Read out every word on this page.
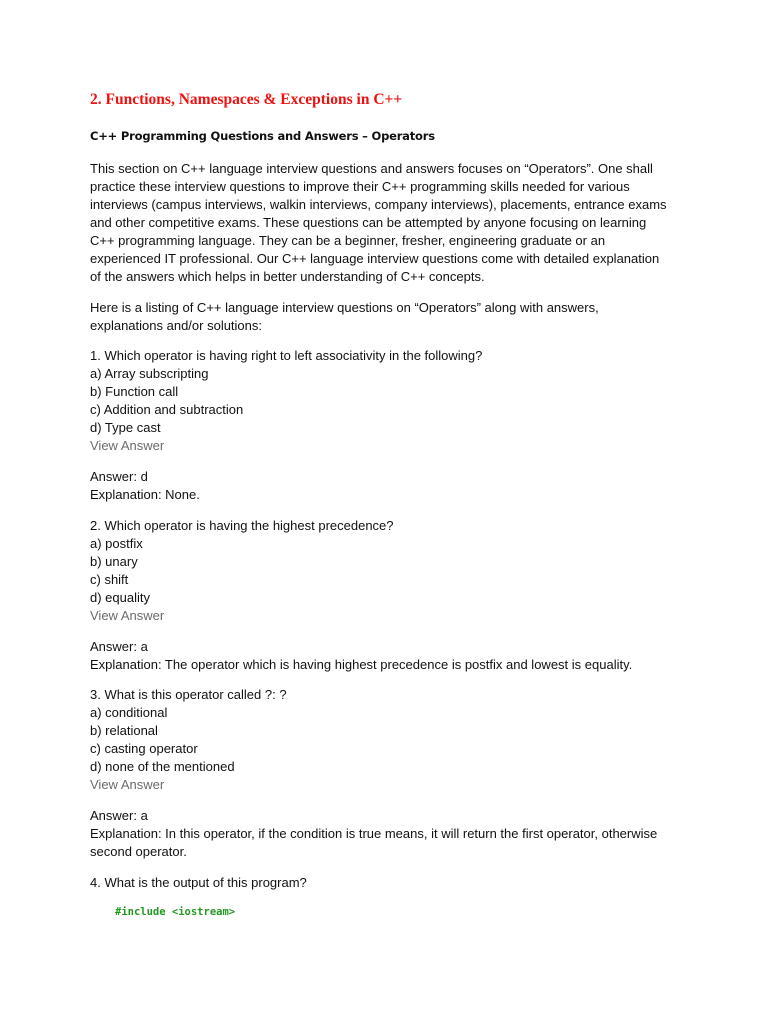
2. Functions, Namespaces & Exceptions in C++
C++ Programming Questions and Answers – Operators
This section on C++ language interview questions and answers focuses on “Operators”. One shall
practice these interview questions to improve their C++ programming skills needed for various
interviews (campus interviews, walkin interviews, company interviews), placements, entrance exams
and other competitive exams. These questions can be attempted by anyone focusing on learning
C++ programming language. They can be a beginner, fresher, engineering graduate or an
experienced IT professional. Our C++ language interview questions come with detailed explanation
of the answers which helps in better understanding of C++ concepts.
Here is a listing of C++ language interview questions on “Operators” along with answers,
explanations and/or solutions:
1. Which operator is having right to left associativity in the following?
a) Array subscripting
b) Function call
c) Addition and subtraction
d) Type cast
View Answer
Answer: d
Explanation: None.
2. Which operator is having the highest precedence?
a) postfix
b) unary
c) shift
d) equality
View Answer
Answer: a
Explanation: The operator which is having highest precedence is postfix and lowest is equality.
3. What is this operator called ?: ?
a) conditional
b) relational
c) casting operator
d) none of the mentioned
View Answer
Answer: a
Explanation: In this operator, if the condition is true means, it will return the first operator, otherwise
second operator.
4. What is the output of this program?
#include <iostream>
